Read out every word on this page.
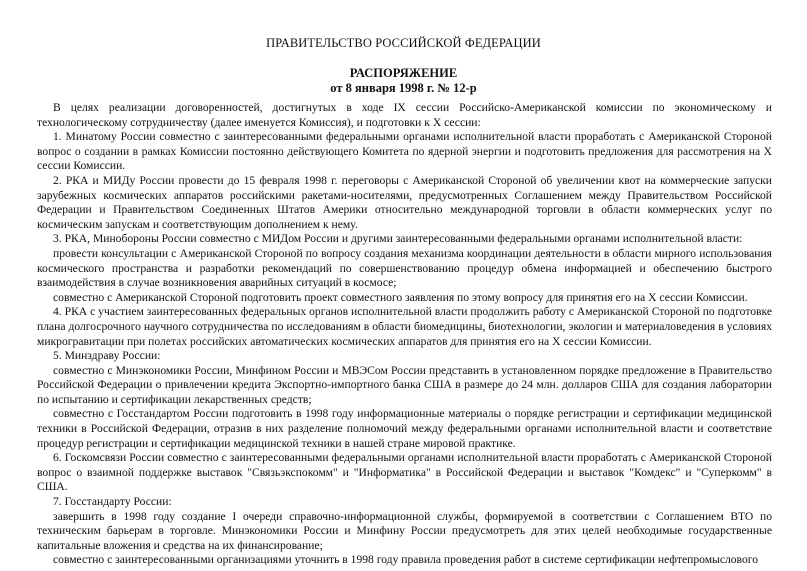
ПРАВИТЕЛЬСТВО РОССИЙСКОЙ ФЕДЕРАЦИИ
РАСПОРЯЖЕНИЕ
от 8 января 1998 г. № 12-р

В целях реализации договоренностей, достигнутых в ходе IX сессии Российско-Американской комиссии по экономическому и технологическому сотрудничеству (далее именуется Комиссия), и подготовки к X сессии:

1. Минатому России совместно с заинтересованными федеральными органами исполнительной власти проработать с Американской Стороной вопрос о создании в рамках Комиссии постоянно действующего Комитета по ядерной энергии и подготовить предложения для рассмотрения на X сессии Комиссии.

2. РКА и МИДу России провести до 15 февраля 1998 г. переговоры с Американской Стороной об увеличении квот на коммерческие запуски зарубежных космических аппаратов российскими ракетами-носителями, предусмотренных Соглашением между Правительством Российской Федерации и Правительством Соединенных Штатов Америки относительно международной торговли в области коммерческих услуг по космическим запускам и соответствующим дополнением к нему.

3. РКА, Минобороны России совместно с МИДом России и другими заинтересованными федеральными органами исполнительной власти:

провести консультации с Американской Стороной по вопросу создания механизма координации деятельности в области мирного использования космического пространства и разработки рекомендаций по совершенствованию процедур обмена информацией и обеспечению быстрого взаимодействия в случае возникновения аварийных ситуаций в космосе;

совместно с Американской Стороной подготовить проект совместного заявления по этому вопросу для принятия его на X сессии Комиссии.

4. РКА с участием заинтересованных федеральных органов исполнительной власти продолжить работу с Американской Стороной по подготовке плана долгосрочного научного сотрудничества по исследованиям в области биомедицины, биотехнологии, экологии и материаловедения в условиях микрогравитации при полетах российских автоматических космических аппаратов для принятия его на X сессии Комиссии.

5. Минздраву России:

совместно с Минэкономики России, Минфином России и МВЭСом России представить в установленном порядке предложение в Правительство Российской Федерации о привлечении кредита Экспортно-импортного банка США в размере до 24 млн. долларов США для создания лаборатории по испытанию и сертификации лекарственных средств;

совместно с Госстандартом России подготовить в 1998 году информационные материалы о порядке регистрации и сертификации медицинской техники в Российской Федерации, отразив в них разделение полномочий между федеральными органами исполнительной власти и соответствие процедур регистрации и сертификации медицинской техники в нашей стране мировой практике.

6. Госкомсвязи России совместно с заинтересованными федеральными органами исполнительной власти проработать с Американской Стороной вопрос о взаимной поддержке выставок "Связьэкспокомм" и "Информатика" в Российской Федерации и выставок "Комдекс" и "Суперкомм" в США.

7. Госстандарту России:

завершить в 1998 году создание I очереди справочно-информационной службы, формируемой в соответствии с Соглашением ВТО по техническим барьерам в торговле. Минэкономики России и Минфину России предусмотреть для этих целей необходимые государственные капитальные вложения и средства на их финансирование;

совместно с заинтересованными организациями уточнить в 1998 году правила проведения работ в системе сертификации нефтепромыслового
